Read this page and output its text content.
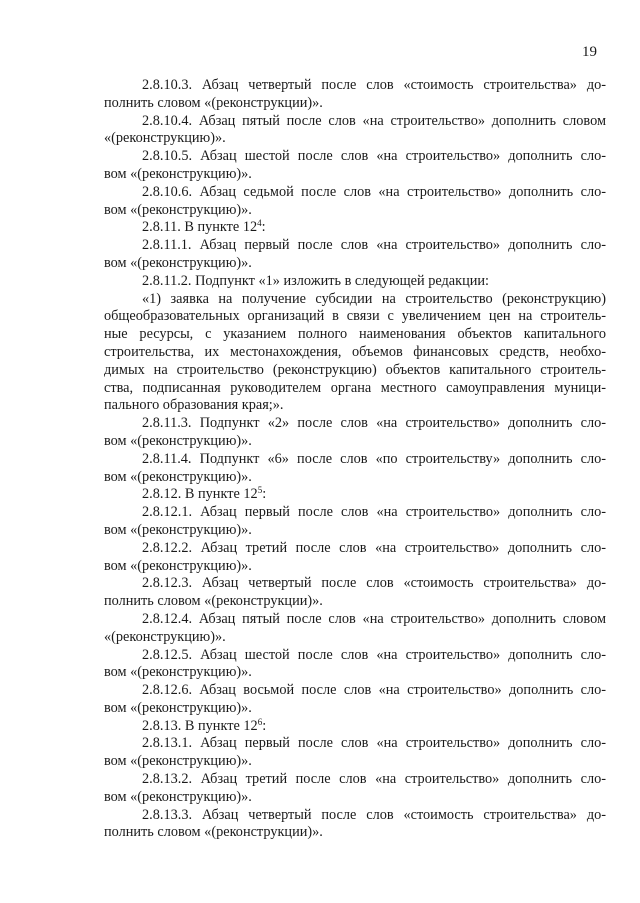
19
2.8.10.3. Абзац четвертый после слов «стоимость строительства» до-
полнить словом «(реконструкции)».
2.8.10.4. Абзац пятый после слов «на строительство» дополнить словом
«(реконструкцию)».
2.8.10.5. Абзац шестой после слов «на строительство» дополнить сло-
вом «(реконструкцию)».
2.8.10.6. Абзац седьмой после слов «на строительство» дополнить сло-
вом «(реконструкцию)».
2.8.11. В пункте $12^4$:
2.8.11.1. Абзац первый после слов «на строительство» дополнить сло-
вом «(реконструкцию)».
2.8.11.2. Подпункт «1» изложить в следующей редакции:
«1) заявка на получение субсидии на строительство (реконструкцию)
общеобразовательных организаций в связи с увеличением цен на строитель-
ные ресурсы, с указанием полного наименования объектов капитального
строительства, их местонахождения, объемов финансовых средств, необхо-
димых на строительство (реконструкцию) объектов капитального строитель-
ства, подписанная руководителем органа местного самоуправления муници-
пального образования края;».
2.8.11.3. Подпункт «2» после слов «на строительство» дополнить сло-
вом «(реконструкцию)».
2.8.11.4. Подпункт «6» после слов «по строительству» дополнить сло-
вом «(реконструкцию)».
2.8.12. В пункте $12^5$:
2.8.12.1. Абзац первый после слов «на строительство» дополнить сло-
вом «(реконструкцию)».
2.8.12.2. Абзац третий после слов «на строительство» дополнить сло-
вом «(реконструкцию)».
2.8.12.3. Абзац четвертый после слов «стоимость строительства» до-
полнить словом «(реконструкции)».
2.8.12.4. Абзац пятый после слов «на строительство» дополнить словом
«(реконструкцию)».
2.8.12.5. Абзац шестой после слов «на строительство» дополнить сло-
вом «(реконструкцию)».
2.8.12.6. Абзац восьмой после слов «на строительство» дополнить сло-
вом «(реконструкцию)».
2.8.13. В пункте $12^6$:
2.8.13.1. Абзац первый после слов «на строительство» дополнить сло-
вом «(реконструкцию)».
2.8.13.2. Абзац третий после слов «на строительство» дополнить сло-
вом «(реконструкцию)».
2.8.13.3. Абзац четвертый после слов «стоимость строительства» до-
полнить словом «(реконструкции)».
